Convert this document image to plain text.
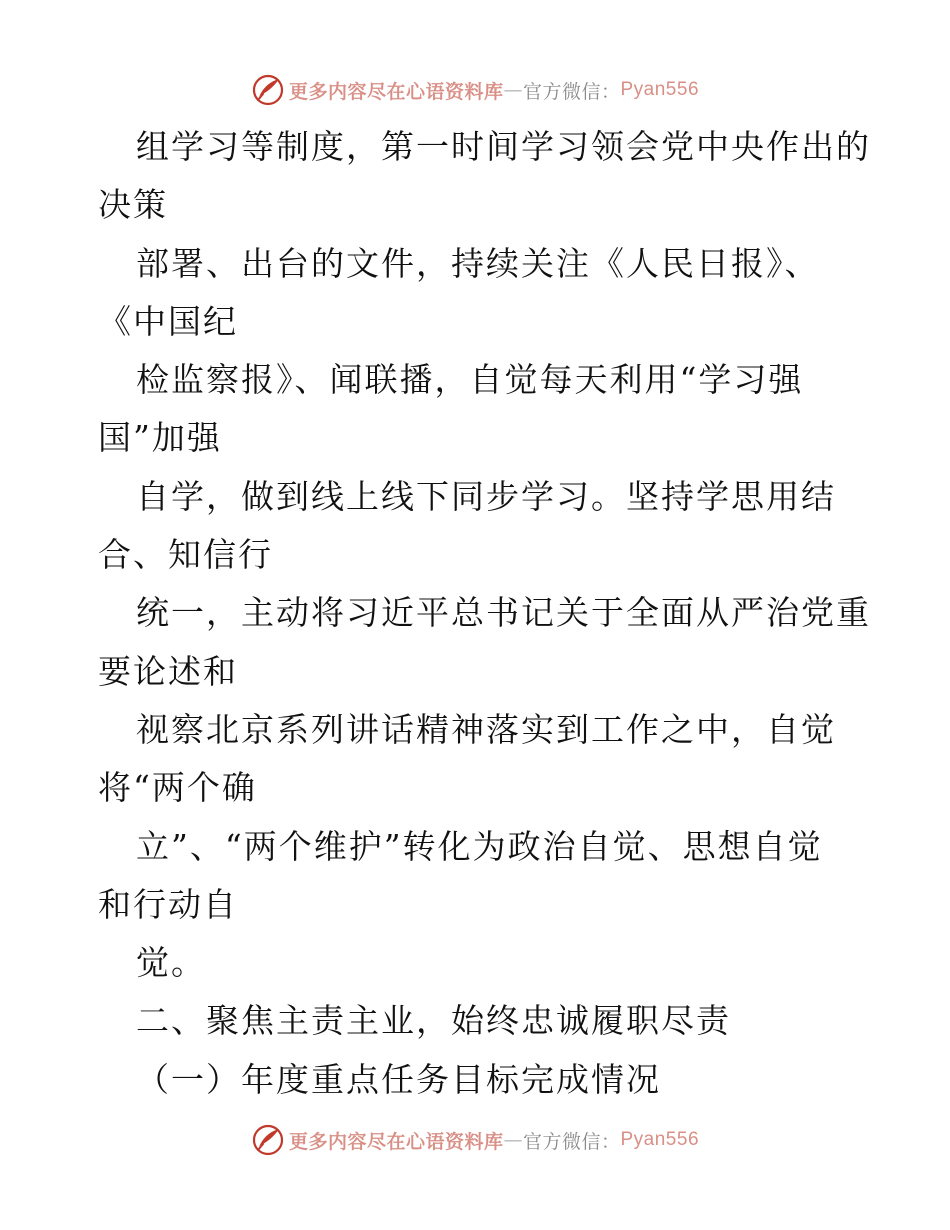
更多内容尽在心语资料库 — 官方微信： Pyan556
组学习等制度，第一时间学习领会党中央作出的
决策
部署、出台的文件，持续关注《人民日报》、
《中国纪
检监察报》、闻联播，自觉每天利用“学习强
国”加强
自学，做到线上线下同步学习。坚持学思用结
合、知信行
统一，主动将习近平总书记关于全面从严治党重
要论述和
视察北京系列讲话精神落实到工作之中，自觉
将“两个确
立”、“两个维护”转化为政治自觉、思想自觉
和行动自
觉。
二、聚焦主责主业，始终忠诚履职尽责
（一）年度重点任务目标完成情况
更多内容尽在心语资料库 — 官方微信： Pyan556
